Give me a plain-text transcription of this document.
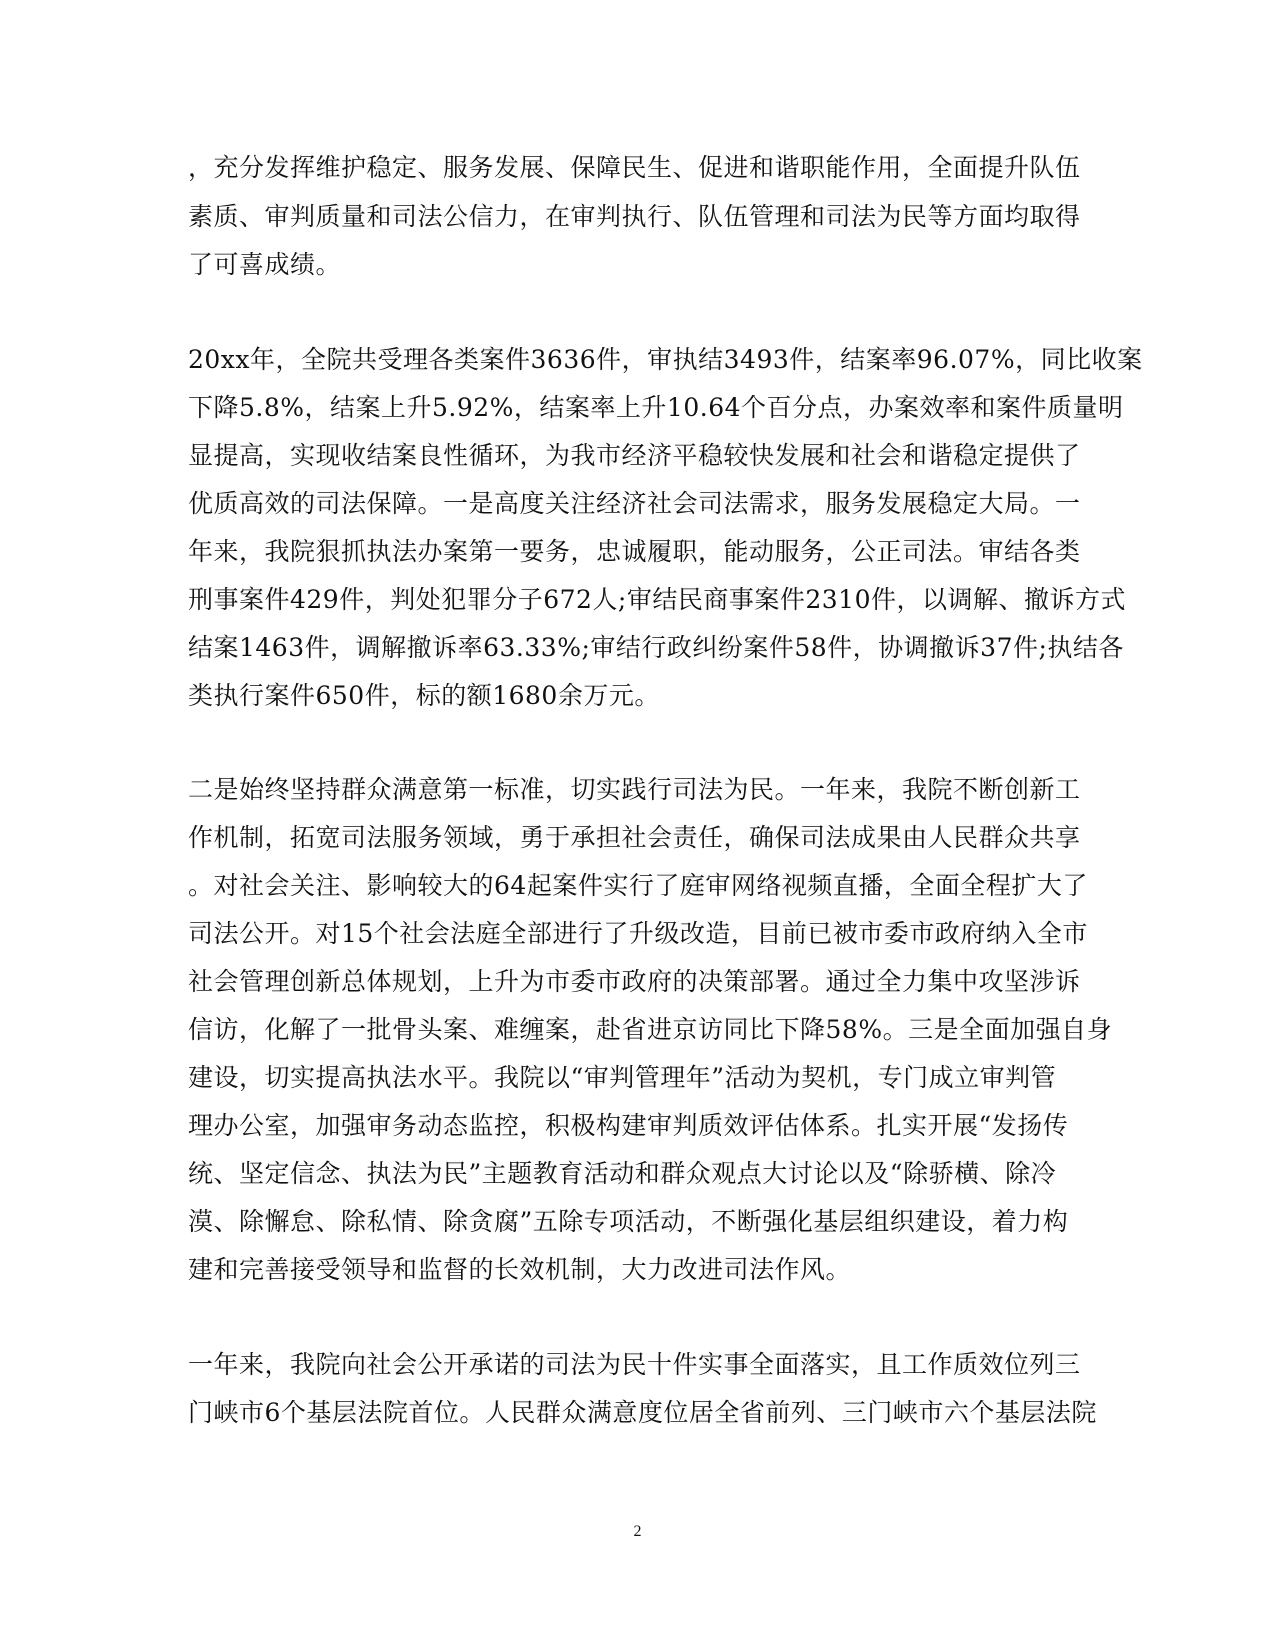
，充分发挥维护稳定、服务发展、保障民生、促进和谐职能作用，全面提升队伍
素质、审判质量和司法公信力，在审判执行、队伍管理和司法为民等方面均取得
了可喜成绩。
20xx年，全院共受理各类案件3636件，审执结3493件，结案率96.07%，同比收案
下降5.8%，结案上升5.92%，结案率上升10.64个百分点，办案效率和案件质量明
显提高，实现收结案良性循环，为我市经济平稳较快发展和社会和谐稳定提供了
优质高效的司法保障。一是高度关注经济社会司法需求，服务发展稳定大局。一
年来，我院狠抓执法办案第一要务，忠诚履职，能动服务，公正司法。审结各类
刑事案件429件，判处犯罪分子672人;审结民商事案件2310件，以调解、撤诉方式
结案1463件，调解撤诉率63.33%;审结行政纠纷案件58件，协调撤诉37件;执结各
类执行案件650件，标的额1680余万元。
二是始终坚持群众满意第一标准，切实践行司法为民。一年来，我院不断创新工
作机制，拓宽司法服务领域，勇于承担社会责任，确保司法成果由人民群众共享
。对社会关注、影响较大的64起案件实行了庭审网络视频直播，全面全程扩大了
司法公开。对15个社会法庭全部进行了升级改造，目前已被市委市政府纳入全市
社会管理创新总体规划，上升为市委市政府的决策部署。通过全力集中攻坚涉诉
信访，化解了一批骨头案、难缠案，赴省进京访同比下降58%。三是全面加强自身
建设，切实提高执法水平。我院以“审判管理年”活动为契机，专门成立审判管
理办公室，加强审务动态监控，积极构建审判质效评估体系。扎实开展“发扬传
统、坚定信念、执法为民”主题教育活动和群众观点大讨论以及“除骄横、除冷
漠、除懈怠、除私情、除贪腐”五除专项活动，不断强化基层组织建设，着力构
建和完善接受领导和监督的长效机制，大力改进司法作风。
一年来，我院向社会公开承诺的司法为民十件实事全面落实，且工作质效位列三
门峡市6个基层法院首位。人民群众满意度位居全省前列、三门峡市六个基层法院
2
